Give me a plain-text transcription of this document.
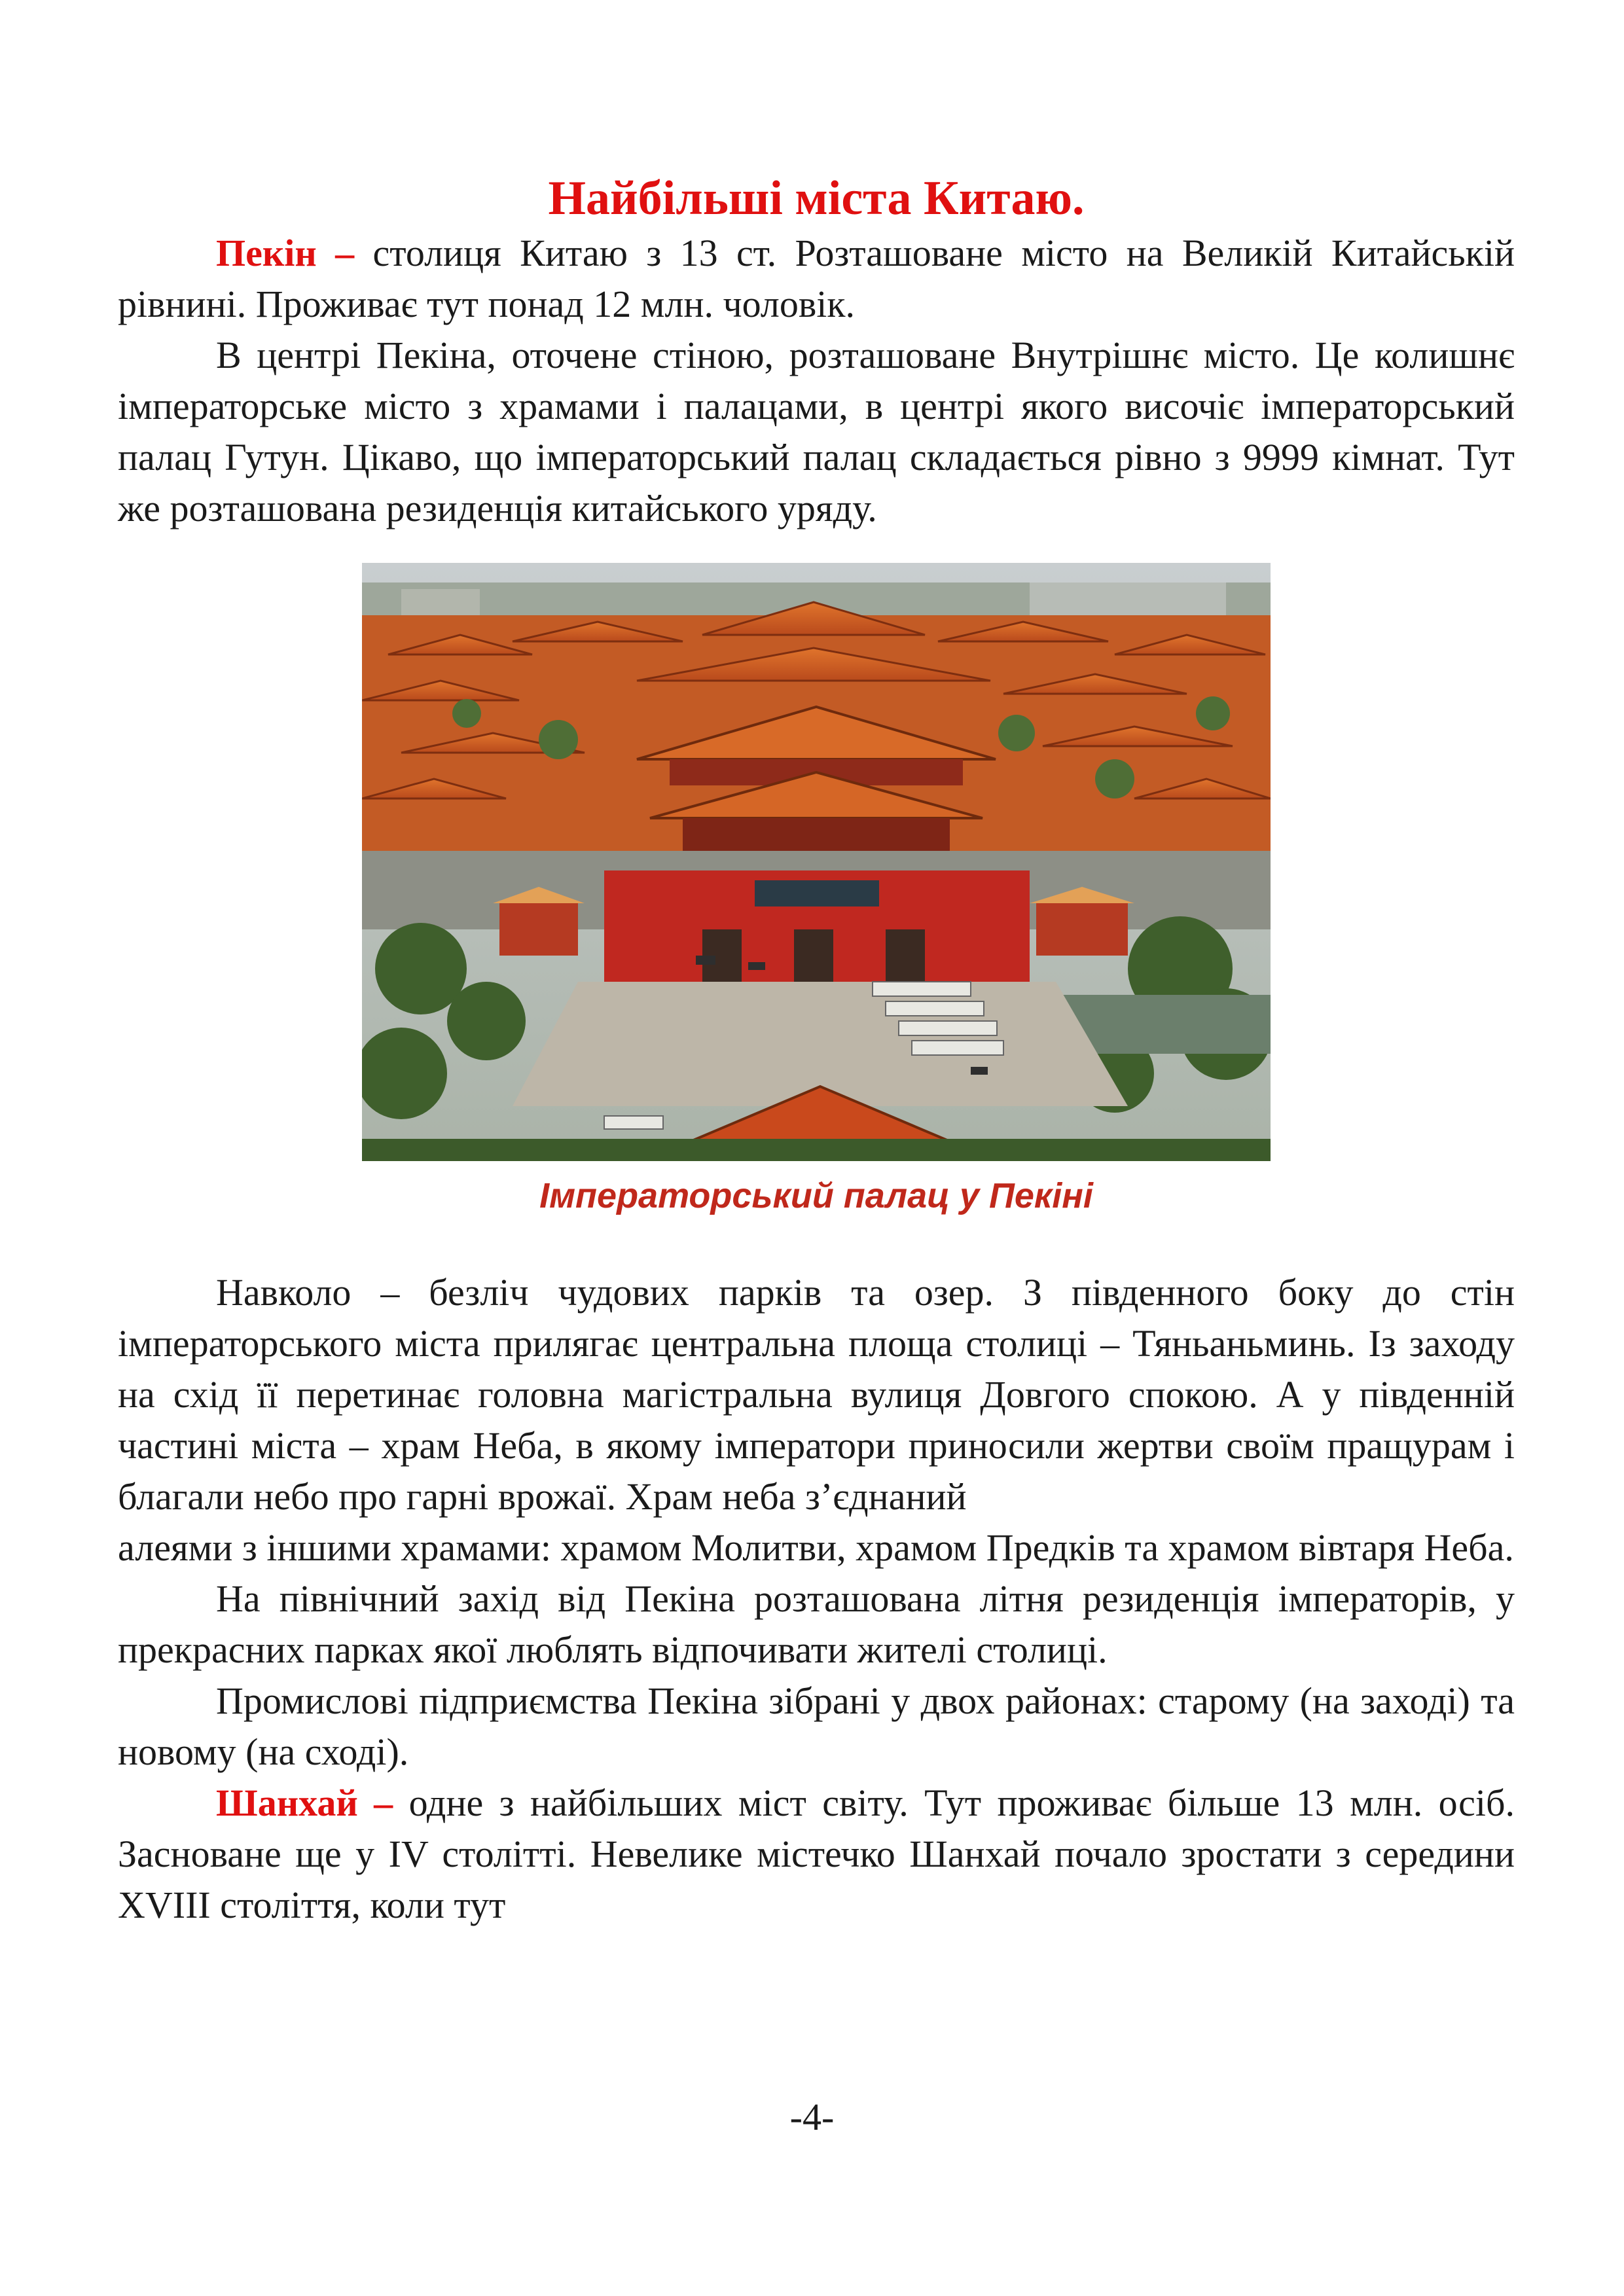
Найбільші міста Китаю.

Пекін – столиця Китаю з 13 ст. Розташоване місто на Великій Китайській рівнині. Проживає тут понад 12 млн. чоловік.

В центрі Пекіна, оточене стіною, розташоване Внутрішнє місто. Це колишнє імператорське місто з храмами і палацами, в центрі якого височіє імператорський палац Гутун. Цікаво, що імператорський палац складається рівно з 9999 кімнат. Тут же розташована резиденція китайського уряду.

Імператорський палац у Пекіні

Навколо – безліч чудових парків та озер. З південного боку до стін імператорського міста прилягає центральна площа столиці – Тяньаньминь. Із заходу на схід її перетинає головна магістральна вулиця Довгого спокою. А у південній частині міста – храм Неба, в якому імператори приносили жертви своїм пращурам і благали небо про гарні врожаї. Храм неба з’єднаний

алеями з іншими храмами: храмом Молитви, храмом Предків та храмом вівтаря Неба.

На північний захід від Пекіна розташована літня резиденція імператорів, у прекрасних парках якої люблять відпочивати жителі столиці.

Промислові підприємства Пекіна зібрані у двох районах: старому (на заході) та новому (на сході).

Шанхай – одне з найбільших міст світу. Тут проживає більше 13 млн. осіб. Засноване ще у IV столітті. Невелике містечко Шанхай почало зростати з середини XVIII століття, коли тут

-4-
